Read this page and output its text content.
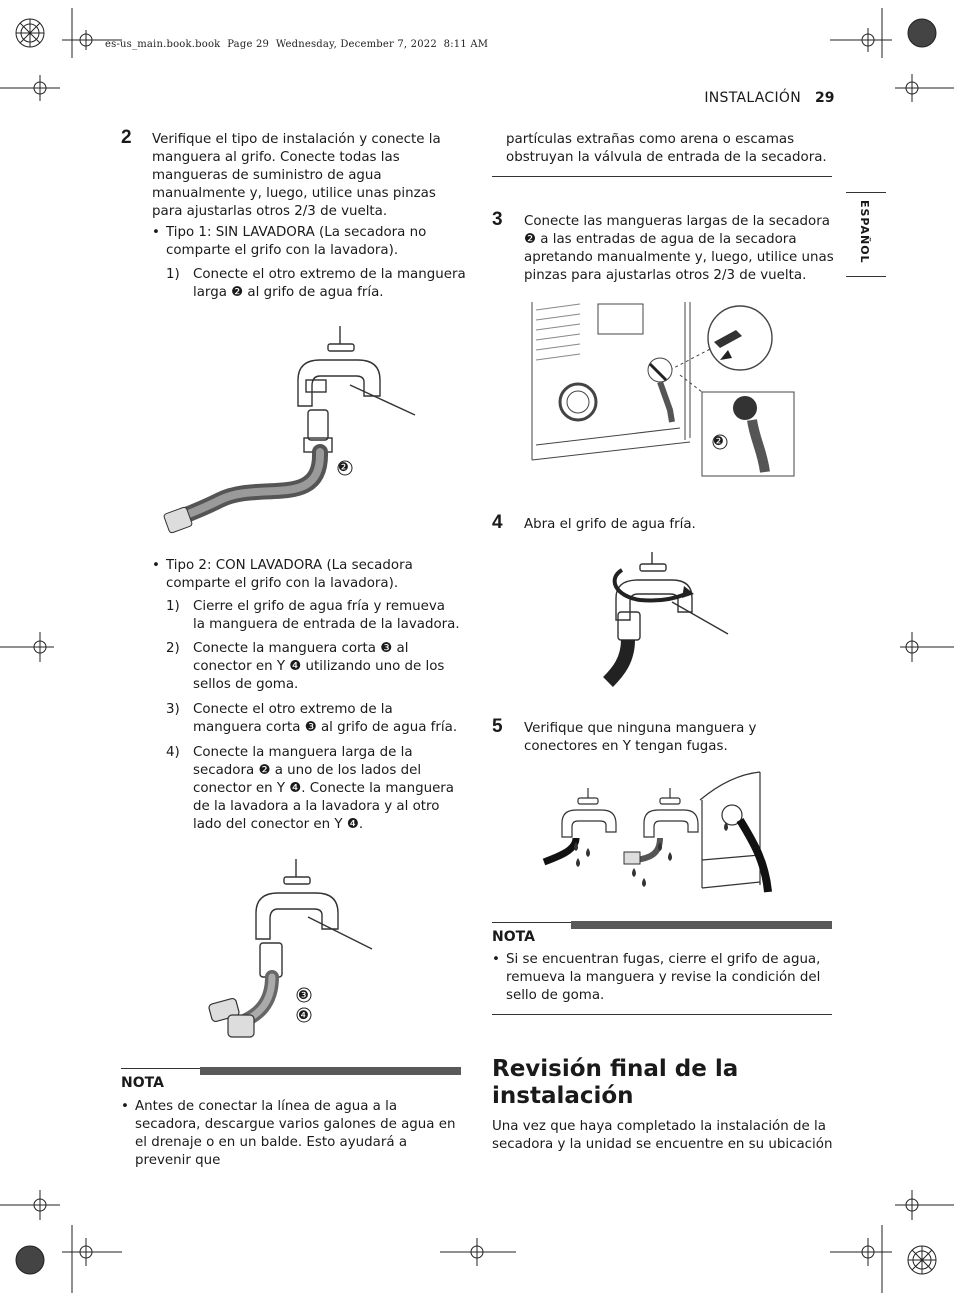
es-us_main.book.book  Page 29  Wednesday, December 7, 2022  8:11 AM
INSTALACIÓN 29
ESPAÑOL
2 Verifique el tipo de instalación y conecte la manguera al grifo. Conecte todas las mangueras de suministro de agua manualmente y, luego, utilice unas pinzas para ajustarlas otros 2/3 de vuelta.
• Tipo 1: SIN LAVADORA (La secadora no comparte el grifo con la lavadora).
1) Conecte el otro extremo de la manguera larga ❷ al grifo de agua fría.
❷
• Tipo 2: CON LAVADORA (La secadora comparte el grifo con la lavadora).
1) Cierre el grifo de agua fría y remueva la manguera de entrada de la lavadora.
2) Conecte la manguera corta ❸ al conector en Y ❹ utilizando uno de los sellos de goma.
3) Conecte el otro extremo de la manguera corta ❸ al grifo de agua fría.
4) Conecte la manguera larga de la secadora ❷ a uno de los lados del conector en Y ❹. Conecte la manguera de la lavadora a la lavadora y al otro lado del conector en Y ❹.
❸
❹
NOTA
• Antes de conectar la línea de agua a la secadora, descargue varios galones de agua en el drenaje o en un balde. Esto ayudará a prevenir que
partículas extrañas como arena o escamas obstruyan la válvula de entrada de la secadora.
3 Conecte las mangueras largas de la secadora ❷ a las entradas de agua de la secadora apretando manualmente y, luego, utilice unas pinzas para ajustarlas otros 2/3 de vuelta.
❷
4 Abra el grifo de agua fría.
5 Verifique que ninguna manguera y conectores en Y tengan fugas.
NOTA
• Si se encuentran fugas, cierre el grifo de agua, remueva la manguera y revise la condición del sello de goma.
Revisión final de la instalación
Una vez que haya completado la instalación de la secadora y la unidad se encuentre en su ubicación
